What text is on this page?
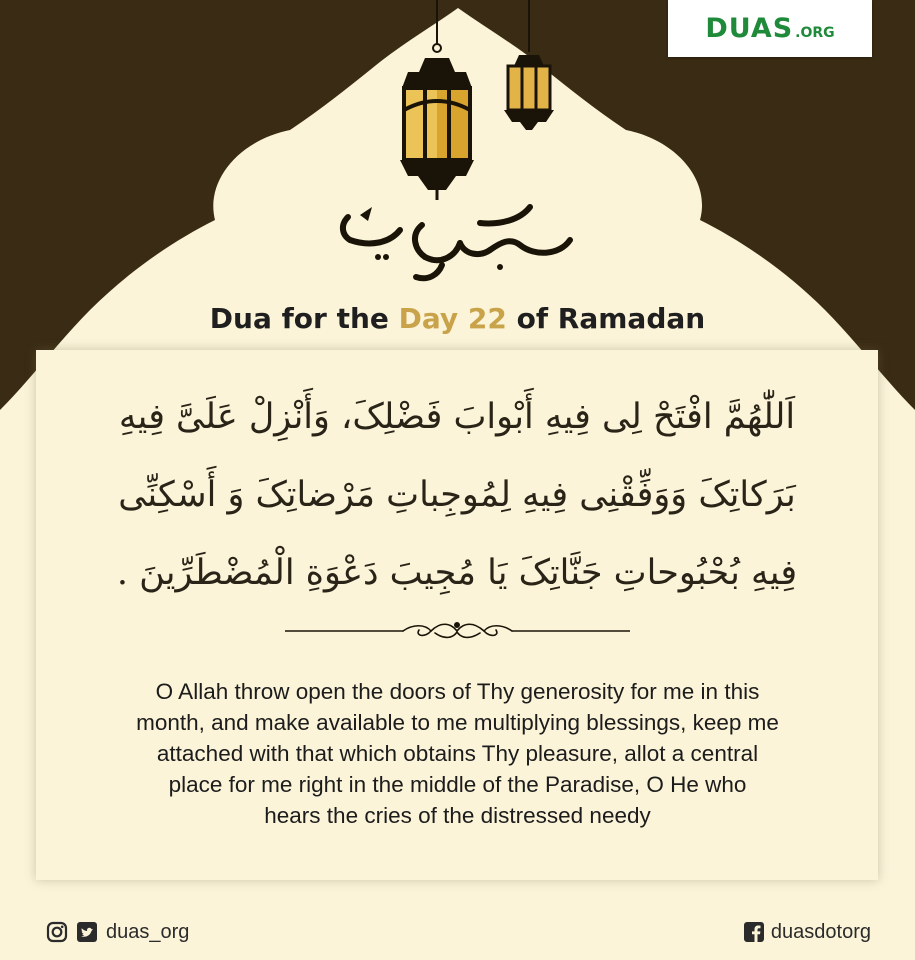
DUAS .ORG
Dua for the Day 22 of Ramadan
اَللّٰهُمَّ افْتَحْ لِی فِیهِ أَبْوابَ فَضْلِکَ، وَأَنْزِلْ عَلَیَّ فِیهِ
بَرَکاتِکَ وَوَفِّقْنِی فِیهِ لِمُوجِباتِ مَرْضاتِکَ وَ أَسْکِنِّی
فِیهِ بُحْبُوحاتِ جَنَّاتِکَ یَا مُجِیبَ دَعْوَةِ الْمُضْطَرِّینَ .
O Allah throw open the doors of Thy generosity for me in this
month, and make available to me multiplying blessings, keep me
attached with that which obtains Thy pleasure, allot a central
place for me right in the middle of the Paradise, O He who
hears the cries of the distressed needy
duas_org	duasdotorg
